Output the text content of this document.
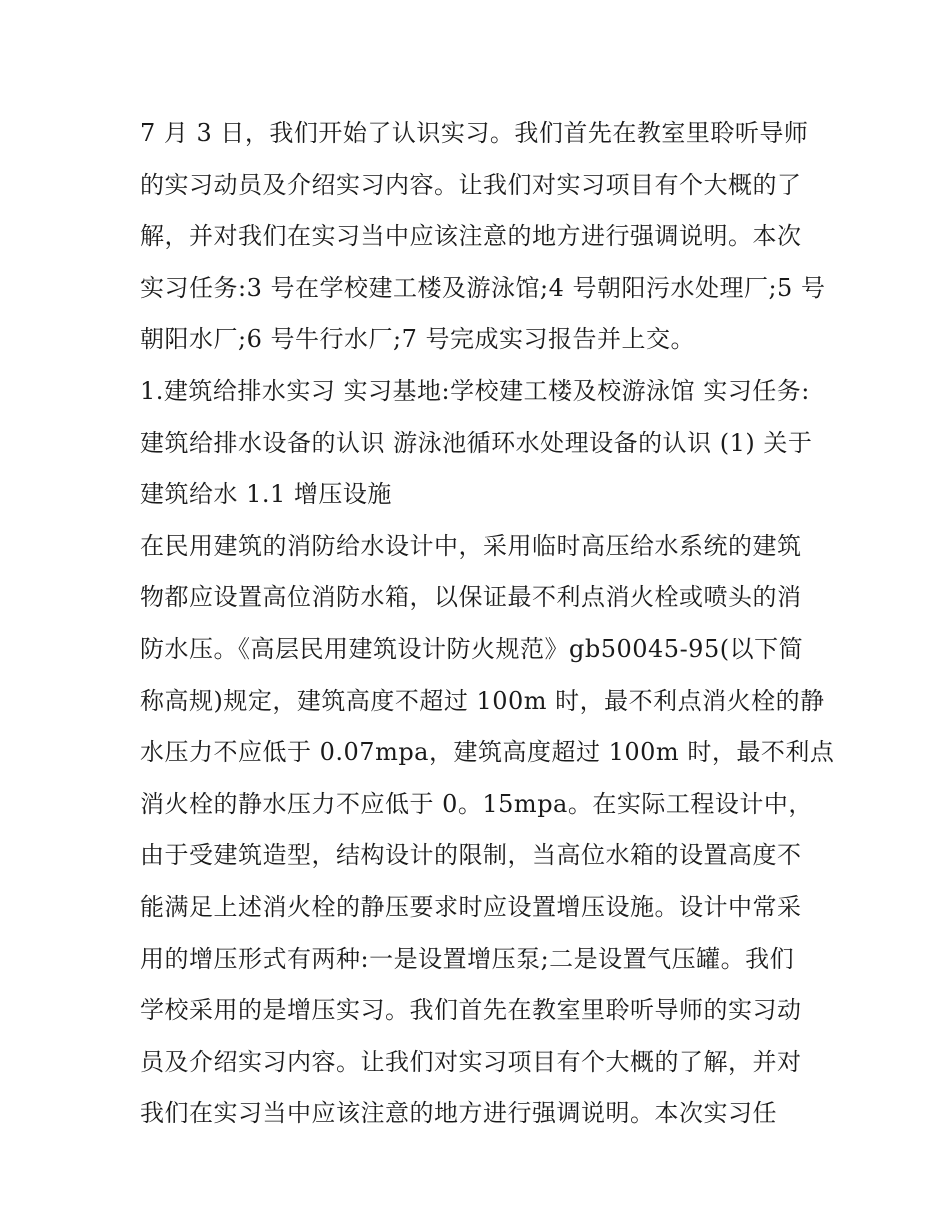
7 月 3 日，我们开始了认识实习。我们首先在教室里聆听导师
的实习动员及介绍实习内容。让我们对实习项目有个大概的了
解，并对我们在实习当中应该注意的地方进行强调说明。本次
实习任务:3 号在学校建工楼及游泳馆;4 号朝阳污水处理厂;5 号
朝阳水厂;6 号牛行水厂;7 号完成实习报告并上交。
1.建筑给排水实习 实习基地:学校建工楼及校游泳馆 实习任务:
建筑给排水设备的认识 游泳池循环水处理设备的认识 (1) 关于
建筑给水 1.1 增压设施
在民用建筑的消防给水设计中，采用临时高压给水系统的建筑
物都应设置高位消防水箱，以保证最不利点消火栓或喷头的消
防水压。《高层民用建筑设计防火规范》gb50045-95(以下简
称高规)规定，建筑高度不超过 100m 时，最不利点消火栓的静
水压力不应低于 0.07mpa，建筑高度超过 100m 时，最不利点
消火栓的静水压力不应低于 0。15mpa。在实际工程设计中，
由于受建筑造型，结构设计的限制，当高位水箱的设置高度不
能满足上述消火栓的静压要求时应设置增压设施。设计中常采
用的增压形式有两种:一是设置增压泵;二是设置气压罐。我们
学校采用的是增压实习。我们首先在教室里聆听导师的实习动
员及介绍实习内容。让我们对实习项目有个大概的了解，并对
我们在实习当中应该注意的地方进行强调说明。本次实习任
